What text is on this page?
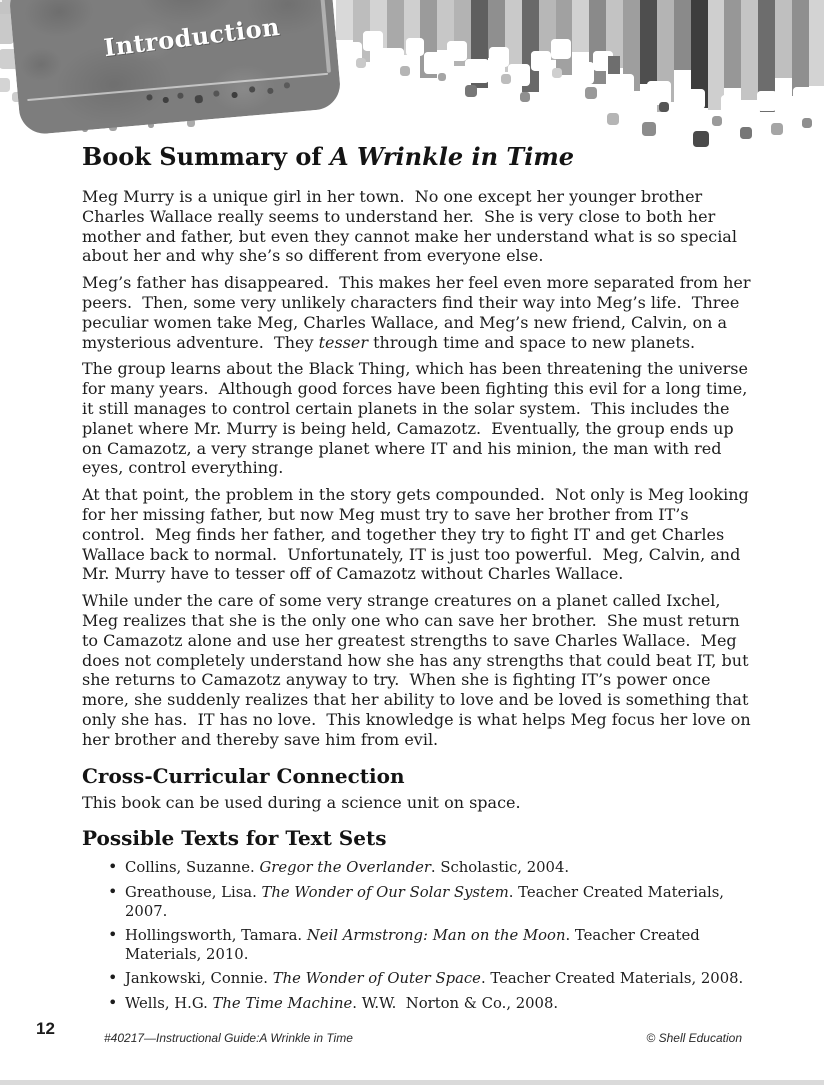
Introduction
Book Summary of A Wrinkle in Time

Meg Murry is a unique girl in her town.  No one except her younger brother Charles Wallace really seems to understand her.  She is very close to both her mother and father, but even they cannot make her understand what is so special about her and why she’s so different from everyone else.

Meg’s father has disappeared.  This makes her feel even more separated from her peers.  Then, some very unlikely characters find their way into Meg’s life.  Three peculiar women take Meg, Charles Wallace, and Meg’s new friend, Calvin, on a mysterious adventure.  They tesser through time and space to new planets.

The group learns about the Black Thing, which has been threatening the universe for many years.  Although good forces have been fighting this evil for a long time, it still manages to control certain planets in the solar system.  This includes the planet where Mr. Murry is being held, Camazotz.  Eventually, the group ends up on Camazotz, a very strange planet where IT and his minion, the man with red eyes, control everything.

At that point, the problem in the story gets compounded.  Not only is Meg looking for her missing father, but now Meg must try to save her brother from IT’s control.  Meg finds her father, and together they try to fight IT and get Charles Wallace back to normal.  Unfortunately, IT is just too powerful.  Meg, Calvin, and Mr. Murry have to tesser off of Camazotz without Charles Wallace.

While under the care of some very strange creatures on a planet called Ixchel, Meg realizes that she is the only one who can save her brother.  She must return to Camazotz alone and use her greatest strengths to save Charles Wallace.  Meg does not completely understand how she has any strengths that could beat IT, but she returns to Camazotz anyway to try.  When she is fighting IT’s power once more, she suddenly realizes that her ability to love and be loved is something that only she has.  IT has no love.  This knowledge is what helps Meg focus her love on her brother and thereby save him from evil.

Cross-Curricular Connection

This book can be used during a science unit on space.

Possible Texts for Text Sets
• Collins, Suzanne. Gregor the Overlander. Scholastic, 2004.
• Greathouse, Lisa. The Wonder of Our Solar System. Teacher Created Materials, 2007.
• Hollingsworth, Tamara. Neil Armstrong: Man on the Moon. Teacher Created Materials, 2010.
• Jankowski, Connie. The Wonder of Outer Space. Teacher Created Materials, 2008.
• Wells, H.G. The Time Machine. W.W.  Norton & Co., 2008.
12	#40217—Instructional Guide:A Wrinkle in Time	© Shell Education
